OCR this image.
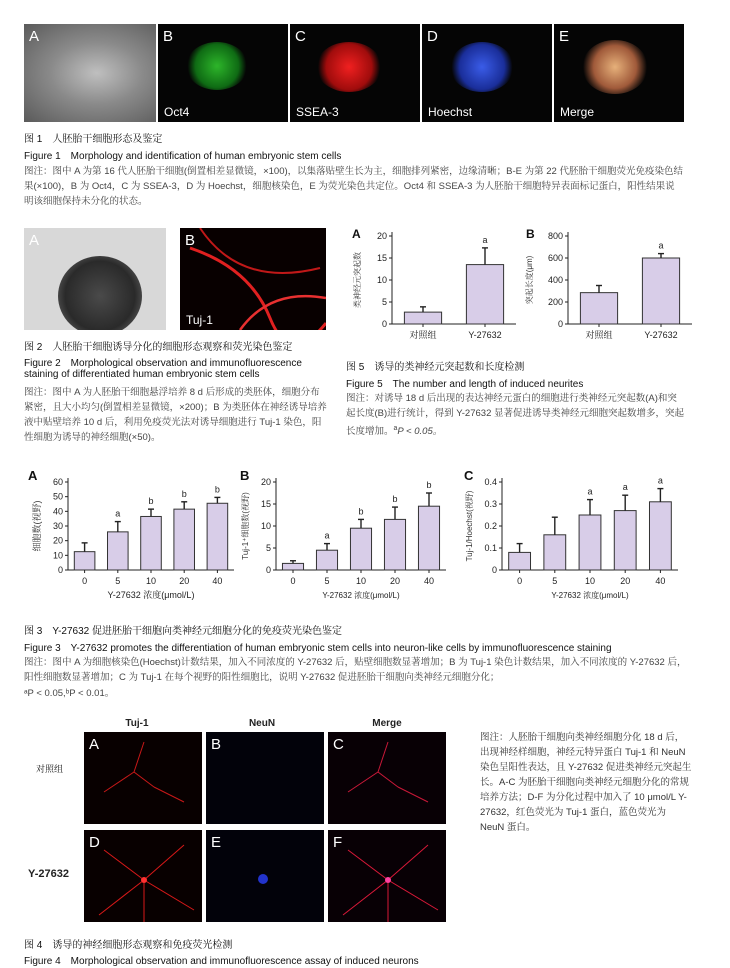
A	B
Oct4
C
SSEA-3
D
Hoechst
E
Merge
图 1　人胚胎干细胞形态及鉴定
Figure 1　Morphology and identification of human embryonic stem cells
图注：图中 A 为第 16 代人胚胎干细胞(倒置相差显微镜，×100)，以集落贴壁生长为主，细胞排列紧密，边缘清晰；B-E 为第 22 代胚胎干细胞荧光免疫染色结果(×100)，B 为 Oct4，C 为 SSEA-3，D 为 Hoechst，细胞核染色，E 为荧光染色共定位。Oct4 和 SSEA-3 为人胚胎干细胞特异表面标记蛋白，阳性结果说明该细胞保持未分化的状态。
A	B
Tuj-1
图 2　人胚胎干细胞诱导分化的细胞形态观察和荧光染色鉴定
Figure 2　Morphological observation and immunofluorescence
staining of differentiated human embryonic stem cells
图注：图中 A 为人胚胎干细胞悬浮培养 8 d 后形成的类胚体，细胞分布紧密，且大小均匀(倒置相差显微镜，×200)；B 为类胚体在神经诱导培养液中贴壁培养 10 d 后，利用免疫荧光法对诱导细胞进行 Tuj-1 染色，阳性细胞为诱导的神经细胞(×50)。
A
0
5
10
15
20
类神经元突起数
对照组
a
Y-27632
B
0
200
400
600
800
突起长度(μm)
对照组
a
Y-27632
图 5　诱导的类神经元突起数和长度检测
Figure 5　The number and length of induced neurites
图注：对诱导 18 d 后出现的表达神经元蛋白的细胞进行类神经元突起数(A)和突起长度(B)进行统计，得到 Y-27632 显著促进诱导类神经元细胞突起数增多，突起长度增加。$^a$P < 0.05。
A
0
10
20
30
40
50
60
细胞数(视野)
0
a
5
b
10
b
20
b
40
Y-27632 浓度(μmol/L)
B
0
5
10
15
20
Tuj-1⁺细胞数(视野)
0
a
5
b
10
b
20
b
40
Y-27632 浓度(μmol/L)
C
0
0.1
0.2
0.3
0.4
Tuj-1/Hoechst(视野)
0	5
a
10
a
20
a
40
Y-27632 浓度(μmol/L)
图 3　Y-27632 促进胚胎干细胞向类神经元细胞分化的免疫荧光染色鉴定
Figure 3　Y-27632 promotes the differentiation of human embryonic stem cells into neuron-like cells by immunofluorescence staining
图注：图中 A 为细胞核染色(Hoechst)计数结果，加入不同浓度的 Y-27632 后，贴壁细胞数显著增加；B 为 Tuj-1 染色计数结果，加入不同浓度的 Y-27632 后，阳性细胞数显著增加；C 为 Tuj-1 在每个视野的阳性细胞比，说明 Y-27632 促进胚胎干细胞向类神经元细胞分化；
ᵃP < 0.05,ᵇP < 0.01。
Tuj-1	NeuN	Merge
对照组
Y-27632
A	B	C
D	E	F
图注：人胚胎干细胞向类神经细胞分化 18 d 后，出现神经样细胞，神经元特异蛋白 Tuj-1 和 NeuN 染色呈阳性表达，且 Y-27632 促进类神经元突起生长。A-C 为胚胎干细胞向类神经元细胞分化的常规培养方法；D-F 为分化过程中加入了 10 μmol/L Y-27632，红色荧光为 Tuj-1 蛋白，蓝色荧光为 NeuN 蛋白。
图 4　诱导的神经细胞形态观察和免疫荧光检测
Figure 4　Morphological observation and immunofluorescence assay of induced neurons
